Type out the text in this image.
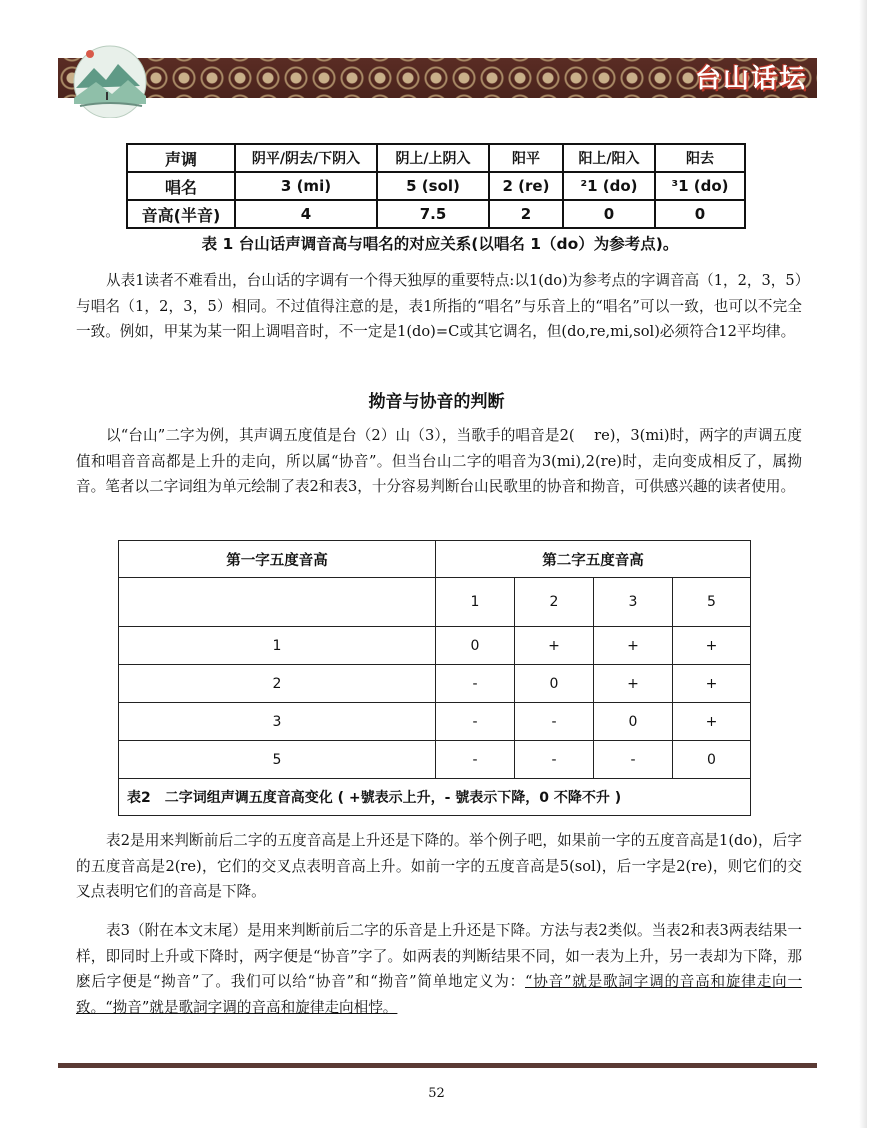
台山话坛
声调	阴平/阴去/下阴入	阴上/上阴入	阳平	阳上/阳入	阳去
唱名	3 (mi)	5 (sol)	2 (re)	²1 (do)	³1 (do)
音高(半音)	4	7.5	2	0	0
表 1 台山话声调音高与唱名的对应关系(以唱名 1（do）为参考点)。
从表1读者不难看出，台山话的字调有一个得天独厚的重要特点:以1(do)为参考点的字调音高（1，2，3，5）与唱名（1，2，3，5）相同。不过值得注意的是，表1所指的“唱名”与乐音上的“唱名”可以一致，也可以不完全一致。例如，甲某为某一阳上调唱音时，不一定是1(do)=C或其它调名，但(do,re,mi,sol)必须符合12平均律。
拗音与协音的判断
以“台山”二字为例，其声调五度值是台（2）山（3），当歌手的唱音是2(　 re)，3(mi)时，两字的声调五度值和唱音音高都是上升的走向，所以属“协音”。但当台山二字的唱音为3(mi),2(re)时，走向变成相反了，属拗音。笔者以二字词组为单元绘制了表2和表3，十分容易判断台山民歌里的协音和拗音，可供感兴趣的读者使用。
第一字五度音高	第二字五度音高			
	1	2	3	5
1	0	+	+	+
2	-	0	+	+
3	-	-	0	+
5	-	-	-	0
表2　二字词组声调五度音高变化 ( +號表示上升，- 號表示下降，0 不降不升 )				
表2是用来判断前后二字的五度音高是上升还是下降的。举个例子吧，如果前一字的五度音高是1(do)，后字的五度音高是2(re)，它们的交叉点表明音高上升。如前一字的五度音高是5(sol)，后一字是2(re)，则它们的交叉点表明它们的音高是下降。
表3（附在本文末尾）是用来判断前后二字的乐音是上升还是下降。方法与表2类似。当表2和表3两表结果一样，即同时上升或下降时，两字便是“协音”字了。如两表的判断结果不同，如一表为上升，另一表却为下降，那麽后字便是“拗音”了。我们可以给“协音”和“拗音”简单地定义为：“协音”就是歌詞字调的音高和旋律走向一致。“拗音”就是歌詞字调的音高和旋律走向相悖。
52
